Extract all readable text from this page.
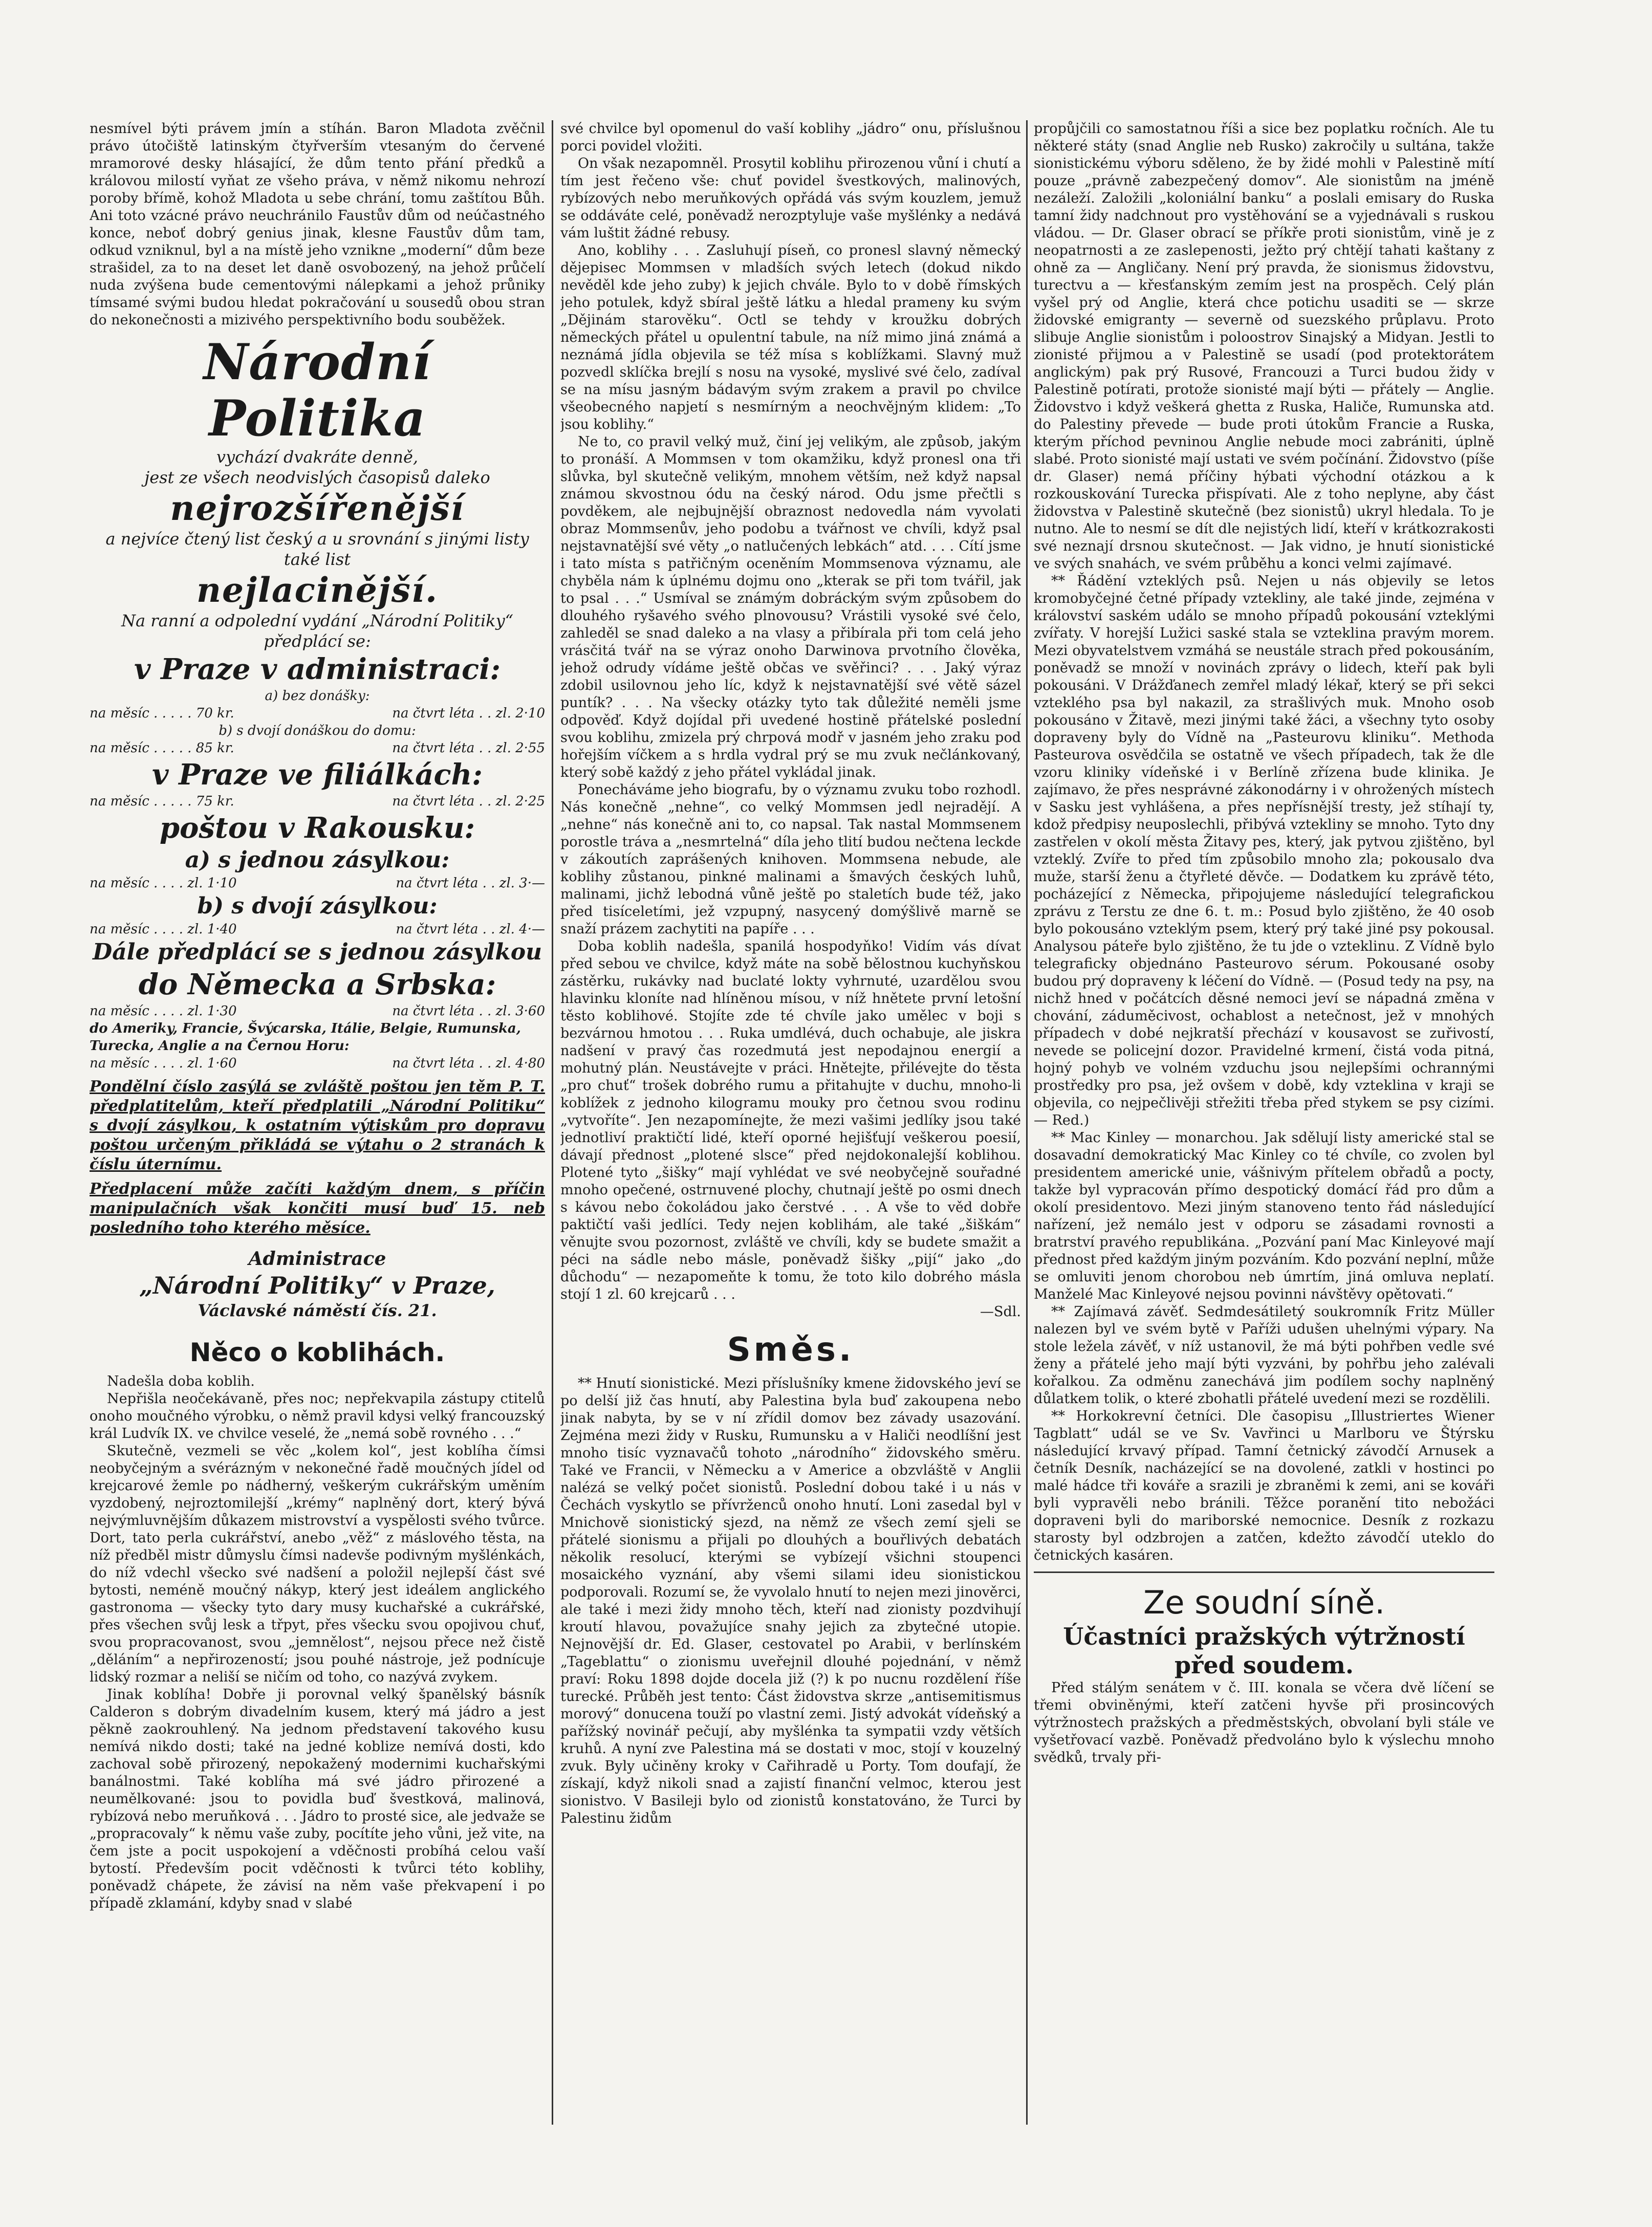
nesmível býti právem jmín a stíhán. Baron Mladota zvěčnil právo útočiště latinským čtyřverším vtesaným do červené mramorové desky hlásající, že dům tento přání předků a královou milostí vyňat ze všeho práva, v němž nikomu nehrozí poroby břímě, kohož Mladota u sebe chrání, tomu zaštítou Bůh. Ani toto vzácné právo neuchránilo Faustův dům od neúčastného konce, neboť dobrý genius jinak, klesne Faustův dům tam, odkud vzniknul, byl a na místě jeho vznikne „moderní“ dům beze strašidel, za to na deset let daně osvobozený, na jehož průčelí nuda zvýšena bude cementovými nálepkami a jehož průniky tímsamé svými budou hledat pokračování u sousedů obou stran do nekonečnosti a mizivého perspektivního bodu souběžek.
Národní Politika
vychází dvakráte denně,
jest ze všech neodvislých časopisů daleko
nejrozšířenější
a nejvíce čtený list český a u srovnání s jinými listy také list
nejlacinější.
Na ranní a odpolední vydání „Národní Politiky“ předplácí se:
v Praze v administraci:
a) bez donášky:
na měsíc . . . . . 70 kr.	na čtvrt léta . . zl. 2·10
b) s dvojí donáškou do domu:
na měsíc . . . . . 85 kr.	na čtvrt léta . . zl. 2·55
v Praze ve filiálkách:
na měsíc . . . . . 75 kr.	na čtvrt léta . . zl. 2·25
poštou v Rakousku:
a) s jednou zásylkou:
na měsíc . . . . zl. 1·10	na čtvrt léta . . zl. 3·—
b) s dvojí zásylkou:
na měsíc . . . . zl. 1·40	na čtvrt léta . . zl. 4·—
Dále předplácí se s jednou zásylkou
do Německa a Srbska:
na měsíc . . . . zl. 1·30	na čtvrt léta . . zl. 3·60
do Ameriky, Francie, Švýcarska, Itálie, Belgie, Rumunska, Turecka, Anglie a na Černou Horu:
na měsíc . . . . zl. 1·60	na čtvrt léta . . zl. 4·80
Pondělní číslo zasýlá se zvláště poštou jen těm P. T. předplatitelům, kteří předplatili „Národní Politiku“ s dvojí zásylkou, k ostatním výtiskům pro dopravu poštou určeným přikládá se výtahu o 2 stranách k číslu úternímu.
Předplacení může začíti každým dnem, s příčin manipulačních však končiti musí buď 15. neb posledního toho kterého měsíce.
Administrace
„Národní Politiky“ v Praze,
Václavské náměstí čís. 21.
Něco o koblihách.

Nadešla doba koblih.

Nepřišla neočekávaně, přes noc; nepřekvapila zástupy ctitelů onoho moučného výrobku, o němž pravil kdysi velký francouzský král Ludvík IX. ve chvilce veselé, že „nemá sobě rovného . . .“

Skutečně, vezmeli se věc „kolem kol“, jest koblíha čímsi neobyčejným a svérázným v nekonečné řadě moučných jídel od krejcarové žemle po nádherný, veškerým cukrářským uměním vyzdobený, nejroztomilejší „krémy“ naplněný dort, který bývá nejvýmluvnějším důkazem mistrovství a vyspělosti svého tvůrce. Dort, tato perla cukrářství, anebo „věž“ z máslového těsta, na níž předběl mistr důmyslu čímsi nadevše podivným myšlénkách, do níž vdechl všecko své nadšení a položil nejlepší část své bytosti, neméně moučný nákyp, který jest ideálem anglického gastronoma — všecky tyto dary musy kuchařské a cukrářské, přes všechen svůj lesk a třpyt, přes všecku svou opojivou chuť, svou propracovanost, svou „jemnělost“, nejsou přece než čistě „děláním“ a nepřirozeností; jsou pouhé nástroje, jež podnícuje lidský rozmar a neliší se ničím od toho, co nazývá zvykem.

Jinak koblíha! Dobře ji porovnal velký španělský básník Calderon s dobrým divadelním kusem, který má jádro a jest pěkně zaokrouhlený. Na jednom představení takového kusu nemívá nikdo dosti; také na jedné koblize nemívá dosti, kdo zachoval sobě přirozený, nepokažený modernimi kuchařskými banálnostmi. Také koblíha má své jádro přirozené a neumělkované: jsou to povidla buď švestková, malinová, rybízová nebo meruňková . . . Jádro to prosté sice, ale jedvaže se „propracovaly“ k němu vaše zuby, pocítíte jeho vůni, jež vite, na čem jste a pocit uspokojení a vděčnosti probíhá celou vaší bytostí. Především pocit vděčnosti k tvůrci této koblihy, poněvadž chápete, že závisí na něm vaše překvapení i po případě zklamání, kdyby snad v slabé

své chvilce byl opomenul do vaší koblihy „jádro“ onu, příslušnou porci povidel vložiti.

On však nezapomněl. Prosytil koblihu přirozenou vůní i chutí a tím jest řečeno vše: chuť povidel švestkových, malinových, rybízových nebo meruňkových opřádá vás svým kouzlem, jemuž se oddáváte celé, poněvadž nerozptyluje vaše myšlénky a nedává vám luštit žádné rebusy.

Ano, koblihy . . . Zasluhují píseň, co pronesl slavný německý dějepisec Mommsen v mladších svých letech (dokud nikdo nevěděl kde jeho zuby) k jejich chvále. Bylo to v době římských jeho potulek, když sbíral ještě látku a hledal prameny ku svým „Dějinám starověku“. Octl se tehdy v kroužku dobrých německých přátel u opulentní tabule, na níž mimo jiná známá a neznámá jídla objevila se též mísa s koblížkami. Slavný muž pozvedl sklíčka brejlí s nosu na vysoké, myslivé své čelo, zadíval se na mísu jasným bádavým svým zrakem a pravil po chvilce všeobecného napjetí s nesmírným a neochvějným klidem: „To jsou koblihy.“

Ne to, co pravil velký muž, činí jej velikým, ale způsob, jakým to pronáší. A Mommsen v tom okamžiku, když pronesl ona tři slůvka, byl skutečně velikým, mnohem větším, než když napsal známou skvostnou ódu na český národ. Odu jsme přečtli s povděkem, ale nejbujnější obraznost nedovedla nám vyvolati obraz Mommsenův, jeho podobu a tvářnost ve chvíli, když psal nejstavnatější své věty „o natlučených lebkách“ atd. . . . Cítí jsme i tato místa s patřičným oceněním Mommsenova významu, ale chyběla nám k úplnému dojmu ono „kterak se při tom tvářil, jak to psal . . .“ Usmíval se známým dobráckým svým způsobem do dlouhého ryšavého svého plnovousu? Vrástili vysoké své čelo, zahleděl se snad daleko a na vlasy a přibírala při tom celá jeho vrásčitá tvář na se výraz onoho Darwinova prvotního člověka, jehož odrudy vídáme ještě občas ve svěřinci? . . . Jaký výraz zdobil usilovnou jeho líc, když k nejstavnatější své větě sázel puntík? . . . Na všecky otázky tyto tak důležité neměli jsme odpověď. Když dojídal při uvedené hostině přátelské poslední svou koblihu, zmizela prý chrpová modř v jasném jeho zraku pod hořejším víčkem a s hrdla vydral prý se mu zvuk nečlánkovaný, který sobě každý z jeho přátel vykládal jinak.

Ponecháváme jeho biografu, by o významu zvuku tobo rozhodl. Nás konečně „nehne“, co velký Mommsen jedl nejradějí. A „nehne“ nás konečně ani to, co napsal. Tak nastal Mommsenem porostle tráva a „nesmrtelná“ díla jeho tlití budou nečtena leckde v zákoutích zaprášených knihoven. Mommsena nebude, ale koblihy zůstanou, pinkné malinami a šmavých českých luhů, malinami, jichž lebodná vůně ještě po staletích bude též, jako před tisíceletími, jež vzpupný, nasycený domýšlivě marně se snaží prázem zachytiti na papíře . . .

Doba koblih nadešla, spanilá hospodyňko! Vidím vás dívat před sebou ve chvilce, když máte na sobě bělostnou kuchyňskou zástěrku, rukávky nad buclaté lokty vyhrnuté, uzardělou svou hlavinku kloníte nad hlíněnou mísou, v níž hnětete první letošní těsto koblihové. Stojíte zde té chvíle jako umělec v boji s bezvárnou hmotou . . . Ruka umdlévá, duch ochabuje, ale jiskra nadšení v pravý čas rozedmutá jest nepodajnou energií a mohutný plán. Neustávejte v práci. Hnětejte, přilévejte do těsta „pro chuť“ trošek dobrého rumu a přitahujte v duchu, mnoho-li koblížek z jednoho kilogramu mouky pro četnou svou rodinu „vytvoříte“. Jen nezapomínejte, že mezi vašimi jedlíky jsou také jednotliví praktičtí lidé, kteří oporné hejišťují veškerou poesií, dávají přednost „plotené slsce“ před nejdokonalejší koblihou. Plotené tyto „šišky“ mají vyhlédat ve své neobyčejně souřadné mnoho opečené, ostrnuvené plochy, chutnají ještě po osmi dnech s kávou nebo čokoládou jako čerstvé . . . A vše to věd dobře paktičtí vaši jedlíci. Tedy nejen koblihám, ale také „šiškám“ věnujte svou pozornost, zvláště ve chvíli, kdy se budete smažit a péci na sádle nebo másle, poněvadž šišky „pijí“ jako „do důchodu“ — nezapomeňte k tomu, že toto kilo dobrého másla stojí 1 zl. 60 krejcarů . . .

—Sdl.
Směs.

** Hnutí sionistické. Mezi příslušníky kmene židovského jeví se po delší již čas hnutí, aby Palestina byla buď zakoupena nebo jinak nabyta, by se v ní zřídil domov bez závady usazování. Zejména mezi židy v Rusku, Rumunsku a v Haliči neodlíšní jest mnoho tisíc vyznavačů tohoto „národního“ židovského směru. Také ve Francii, v Německu a v Americe a obzvláště v Anglii nalézá se velký počet sionistů. Poslední dobou také i u nás v Čechách vyskytlo se přívrženců onoho hnutí. Loni zasedal byl v Mnichově sionistický sjezd, na němž ze všech zemí sjeli se přátelé sionismu a přijali po dlouhých a bouřlivých debatách několik resolucí, kterými se vybízejí všichni stoupenci mosaického vyznání, aby všemi silami ideu sionistickou podporovali. Rozumí se, že vyvolalo hnutí to nejen mezi jinověrci, ale také i mezi židy mnoho těch, kteří nad zionisty pozdvihují kroutí hlavou, považujíce snahy jejich za zbytečné utopie. Nejnovější dr. Ed. Glaser, cestovatel po Arabii, v berlínském „Tageblattu“ o zionismu uveřejnil dlouhé pojednání, v němž praví: Roku 1898 dojde docela již (?) k po nucnu rozdělení říše turecké. Průběh jest tento: Část židovstva skrze „antisemitismus morový“ donucena touží po vlastní zemi. Jistý advokát vídeňský a pařížský novinář pečují, aby myšlénka ta sympatii vzdy větších kruhů. A nyní zve Palestina má se dostati v moc, stojí v kouzelný zvuk. Byly učiněny kroky v Cařihradě u Porty. Tom doufají, že získají, když nikoli snad a zajistí finanční velmoc, kterou jest sionistvo. V Basileji bylo od zionistů konstatováno, že Turci by Palestinu židům

propůjčili co samostatnou říši a sice bez poplatku ročních. Ale tu některé státy (snad Anglie neb Rusko) zakročily u sultána, takže sionistickému výboru sděleno, že by židé mohli v Palestině mítí pouze „právně zabezpečený domov“. Ale sionistům na jméně nezáleží. Založili „koloniální banku“ a poslali emisary do Ruska tamní židy nadchnout pro vystěhování se a vyjednávali s ruskou vládou. — Dr. Glaser obrací se příkře proti sionistům, vině je z neopatrnosti a ze zaslepenosti, ježto prý chtějí tahati kaštany z ohně za — Angličany. Není prý pravda, že sionismus židovstvu, turectvu a — křesťanským zemím jest na prospěch. Celý plán vyšel prý od Anglie, která chce potichu usaditi se — skrze židovské emigranty — severně od suezského průplavu. Proto slibuje Anglie sionistům i poloostrov Sinajský a Midyan. Jestli to zionisté přijmou a v Palestině se usadí (pod protektorátem anglickým) pak prý Rusové, Francouzi a Turci budou židy v Palestině potírati, protože sionisté mají býti — přátely — Anglie. Židovstvo i když veškerá ghetta z Ruska, Haliče, Rumunska atd. do Palestiny převede — bude proti útokům Francie a Ruska, kterým příchod pevninou Anglie nebude moci zabrániti, úplně slabé. Proto sionisté mají ustati ve svém počínání. Židovstvo (píše dr. Glaser) nemá příčiny hýbati východní otázkou a k rozkouskování Turecka přispívati. Ale z toho neplyne, aby část židovstva v Palestině skutečně (bez sionistů) ukryl hledala. To je nutno. Ale to nesmí se dít dle nejistých lidí, kteří v krátkozrakosti své neznají drsnou skutečnost. — Jak vidno, je hnutí sionistické ve svých snahách, ve svém průběhu a konci velmi zajímavé.

** Řádění vzteklých psů. Nejen u nás objevily se letos kromobyčejné četné případy vztekliny, ale také jinde, zejména v království saském událo se mnoho případů pokousání vzteklými zvířaty. V horejší Lužici saské stala se vzteklina pravým morem. Mezi obyvatelstvem vzmáhá se neustále strach před pokousáním, poněvadž se množí v novinách zprávy o lidech, kteří pak byli pokousáni. V Drážďanech zemřel mladý lékař, který se při sekci vzteklého psa byl nakazil, za strašlivých muk. Mnoho osob pokousáno v Žitavě, mezi jinými také žáci, a všechny tyto osoby dopraveny byly do Vídně na „Pasteurovu kliniku“. Methoda Pasteurova osvědčila se ostatně ve všech případech, tak že dle vzoru kliniky vídeňské i v Berlíně zřízena bude klinika. Je zajímavo, že přes nesprávné zákonodárny i v ohrožených místech v Sasku jest vyhlášena, a přes nepřísnější tresty, jež stíhají ty, kdož předpisy neuposlechli, přibývá vztekliny se mnoho. Tyto dny zastřelen v okolí města Žitavy pes, který, jak pytvou zjištěno, byl vzteklý. Zvíře to před tím způsobilo mnoho zla; pokousalo dva muže, starší ženu a čtyřleté děvče. — Dodatkem ku zprávě této, pocházející z Německa, připojujeme následující telegrafickou zprávu z Terstu ze dne 6. t. m.: Posud bylo zjištěno, že 40 osob bylo pokousáno vzteklým psem, který prý také jiné psy pokousal. Analysou páteře bylo zjištěno, že tu jde o vzteklinu. Z Vídně bylo telegraficky objednáno Pasteurovo sérum. Pokousané osoby budou prý dopraveny k léčení do Vídně. — (Posud tedy na psy, na nichž hned v počátcích děsné nemoci jeví se nápadná změna v chování, záduměcivost, ochablost a netečnost, jež v mnohých případech v dobé nejkratší přechází v kousavost se zuřivostí, nevede se policejní dozor. Pravidelné krmení, čistá voda pitná, hojný pohyb ve volném vzduchu jsou nejlepšími ochrannými prostředky pro psa, jež ovšem v době, kdy vzteklina v kraji se objevila, co nejpečlivěji střežiti třeba před stykem se psy cizími. — Red.)

** Mac Kinley — monarchou. Jak sdělují listy americké stal se dosavadní demokratický Mac Kinley co té chvíle, co zvolen byl presidentem americké unie, vášnivým přítelem obřadů a pocty, takže byl vypracován přímo despotický domácí řád pro dům a okolí presidentovo. Mezi jiným stanoveno tento řád následující nařízení, jež nemálo jest v odporu se zásadami rovnosti a bratrství pravého republikána. „Pozvání paní Mac Kinleyové mají přednost před každým jiným pozváním. Kdo pozvání neplní, může se omluviti jenom chorobou neb úmrtím, jiná omluva neplatí. Manželé Mac Kinleyové nejsou povinni návštěvy opětovati.“

** Zajímavá závěť. Sedmdesátiletý soukromník Fritz Müller nalezen byl ve svém bytě v Paříži udušen uhelnými výpary. Na stole ležela závěť, v níž ustanovil, že má býti pohřben vedle své ženy a přátelé jeho mají býti vyzváni, by pohřbu jeho zalévali kořalkou. Za odměnu zanechává jim podílem sochy naplněný důlatkem tolik, o které zbohatli přátelé uvedení mezi se rozdělili.

** Horkokrevní četníci. Dle časopisu „Illustriertes Wiener Tagblatt“ udál se ve Sv. Vavřinci u Marlboru ve Štýrsku následující krvavý případ. Tamní četnický závodčí Arnusek a četník Desník, nacházející se na dovolené, zatkli v hostinci po malé hádce tři kováře a srazili je zbraněmi k zemi, ani se kováři byli vypravěli nebo bránili. Těžce poranění tito nebožáci dopraveni byli do mariborské nemocnice. Desník z rozkazu starosty byl odzbrojen a zatčen, kdežto závodčí uteklo do četnických kasáren.

Ze soudní síně.
Účastníci pražských výtržností před soudem.

Před stálým senátem v č. III. konala se včera dvě líčení se třemi obviněnými, kteří zatčeni hyvše při prosincových výtržnostech pražských a předměstských, obvolaní byli stále ve vyšetřovací vazbě. Poněvadž předvoláno bylo k výslechu mnoho svědků, trvaly při-
